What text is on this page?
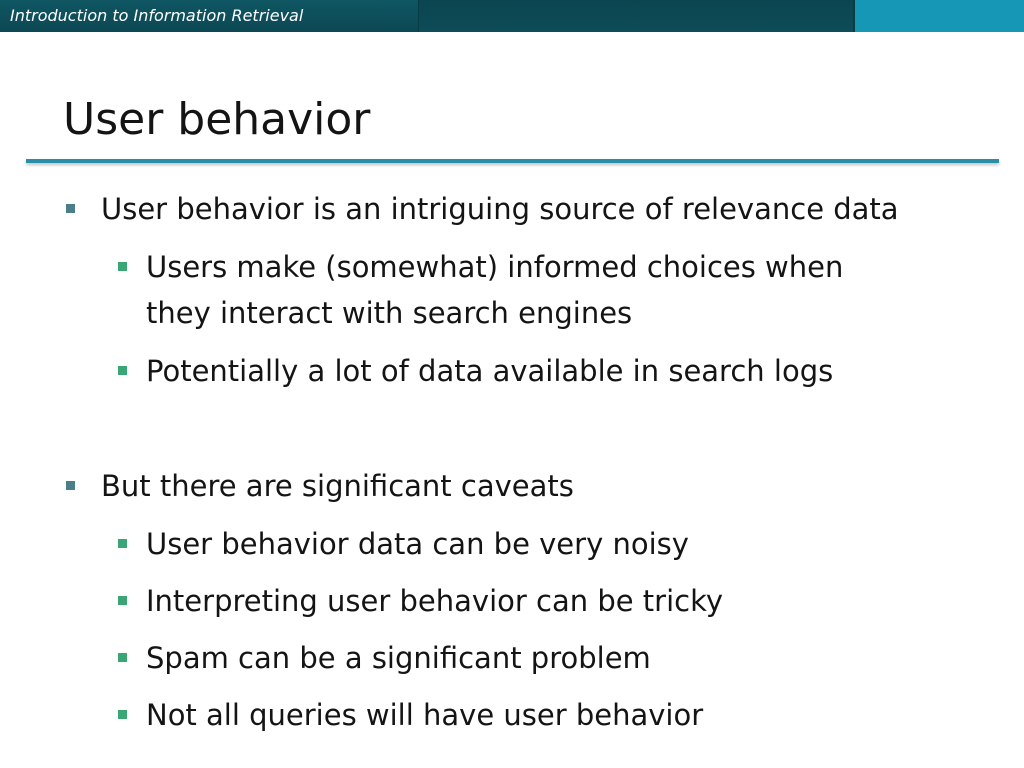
Introduction to Information Retrieval
User behavior
User behavior is an intriguing source of relevance data
Users make (somewhat) informed choices when
they interact with search engines
Potentially a lot of data available in search logs
But there are significant caveats
User behavior data can be very noisy
Interpreting user behavior can be tricky
Spam can be a significant problem
Not all queries will have user behavior
